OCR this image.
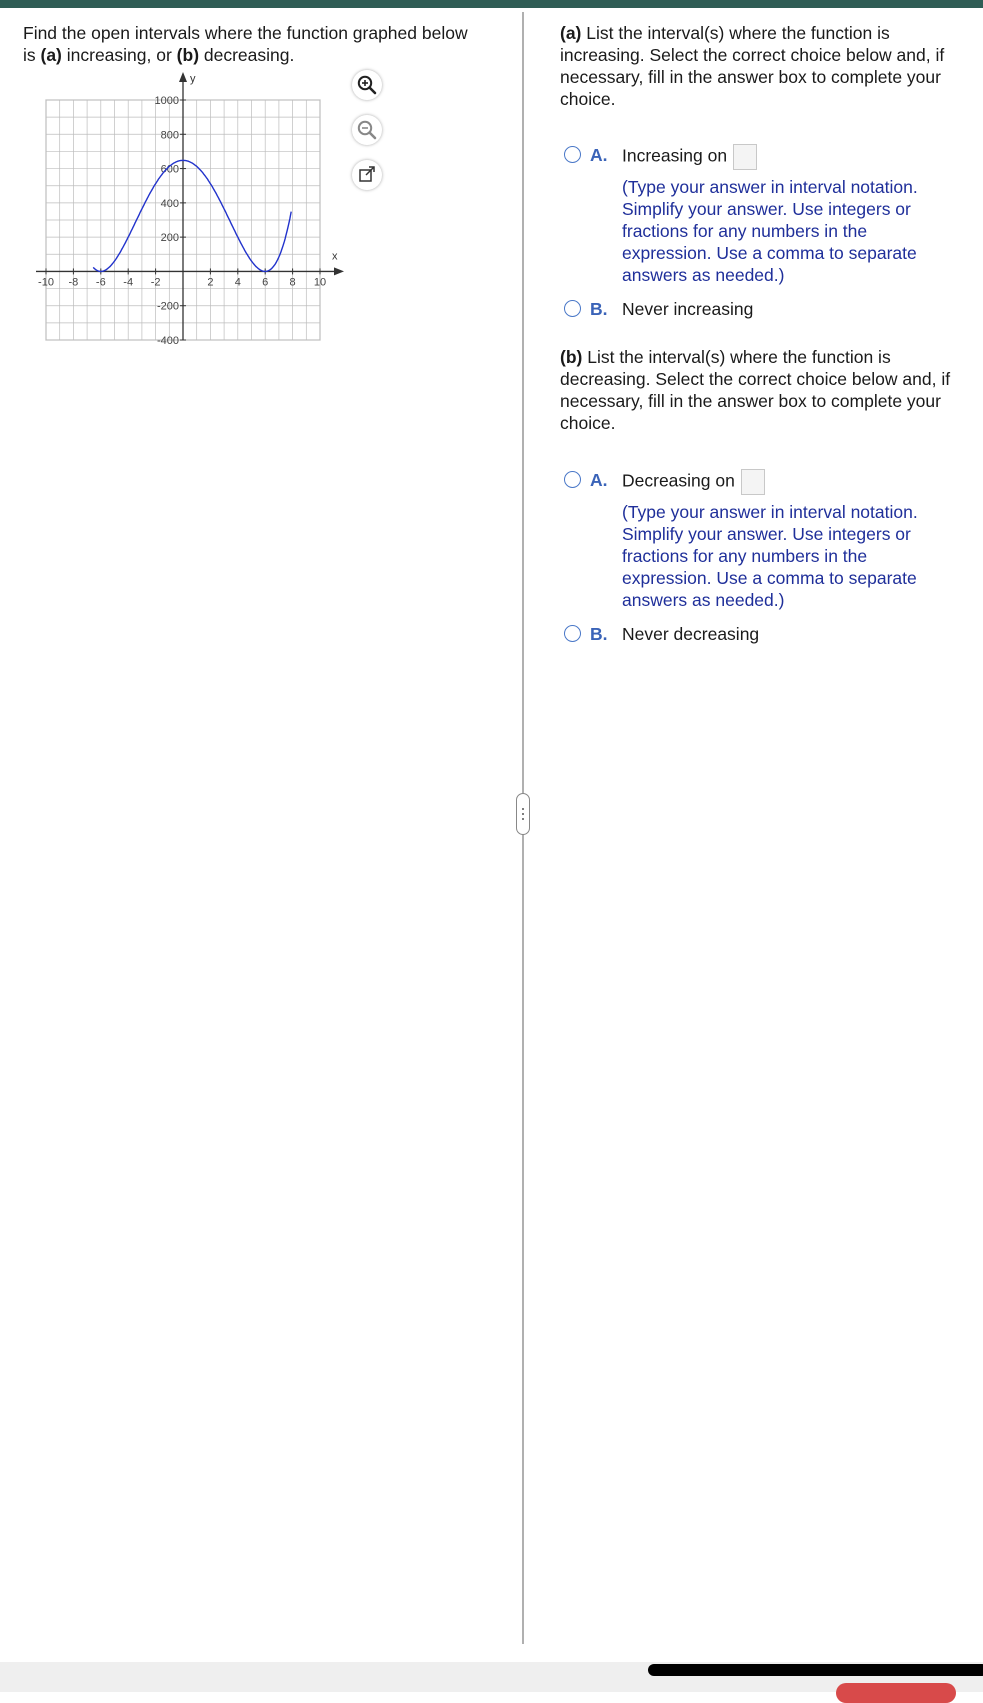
Find the open intervals where the function graphed below
is (a) increasing, or (b) decreasing.
x
y
-10 -8 -6 -4 -2	2 4 6 8 10
1000
800
600
400
200
-200
-400
(a) List the interval(s) where the function is increasing. Select the correct choice below and, if necessary, fill in the answer box to complete your choice.
A. Increasing on
(Type your answer in interval notation. Simplify your answer. Use integers or fractions for any numbers in the expression. Use a comma to separate answers as needed.)
B. Never increasing
(b) List the interval(s) where the function is decreasing. Select the correct choice below and, if necessary, fill in the answer box to complete your choice.
A. Decreasing on
(Type your answer in interval notation. Simplify your answer. Use integers or fractions for any numbers in the expression. Use a comma to separate answers as needed.)
B. Never decreasing
